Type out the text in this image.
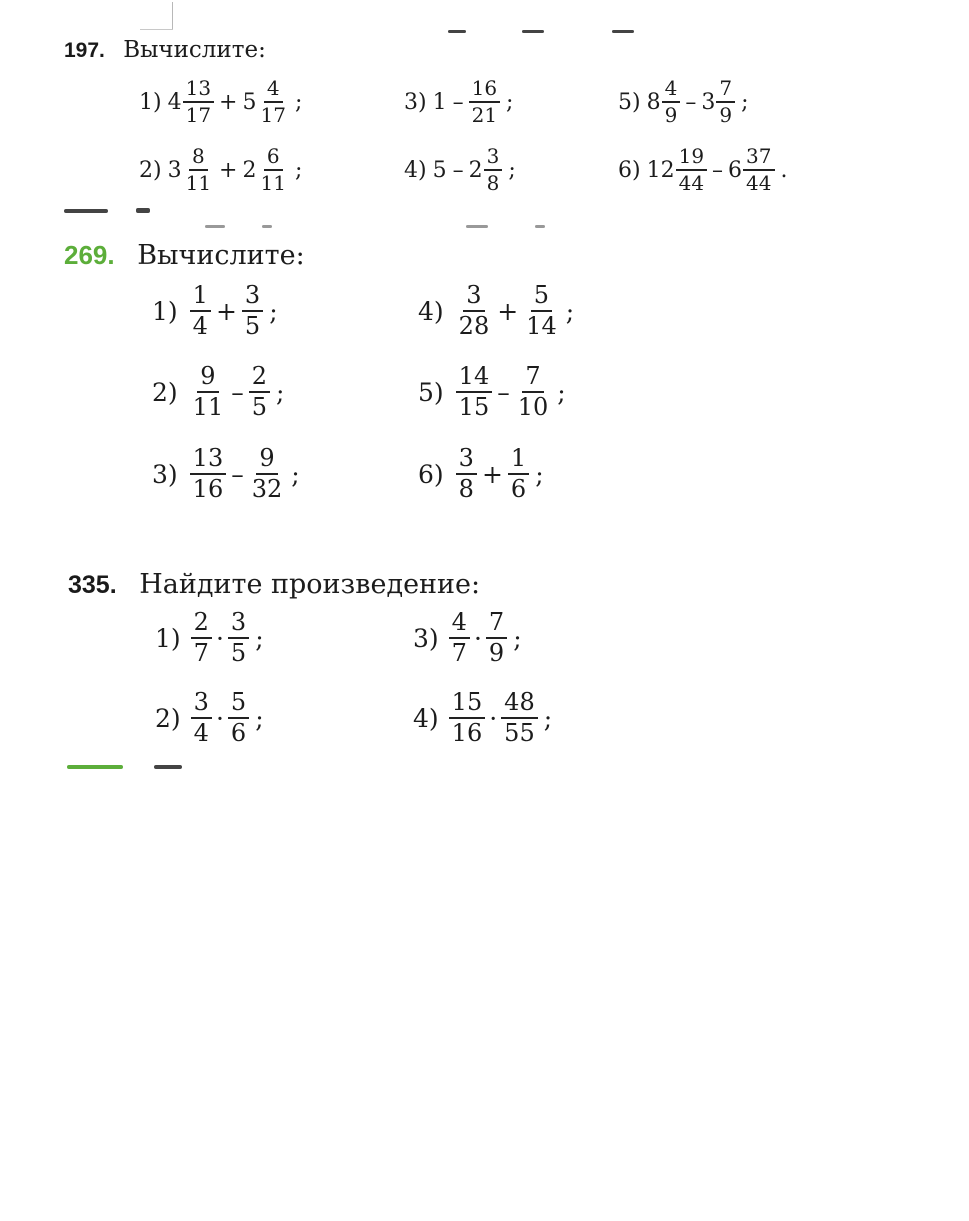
197. Вычислите:
1) $4 \frac{13}{17} + 5 \frac{4}{17}$ ;	3) $1 - \frac{16}{21}$ ;	5) $8 \frac{4}{9} - 3 \frac{7}{9}$ ;
2) $3 \frac{8}{11} + 2 \frac{6}{11}$ ;	4) $5 - 2 \frac{3}{8}$ ;	6) $12 \frac{19}{44} - 6 \frac{37}{44}$ .
269. Вычислите:
$1) \frac{1}{4} + \frac{3}{5}$ ;	$4) \frac{3}{28} + \frac{5}{14}$ ;
$2) \frac{9}{11} - \frac{2}{5}$ ;	$5) \frac{14}{15} - \frac{7}{10}$ ;
$3) \frac{13}{16} - \frac{9}{32}$ ;	$6) \frac{3}{8} + \frac{1}{6}$ ;
335. Найдите произведение:
$1) \frac{2}{7} \cdot \frac{3}{5}$ ;	$3) \frac{4}{7} \cdot \frac{7}{9}$ ;
$2) \frac{3}{4} \cdot \frac{5}{6}$ ;	$4) \frac{15}{16} \cdot \frac{48}{55}$ ;
